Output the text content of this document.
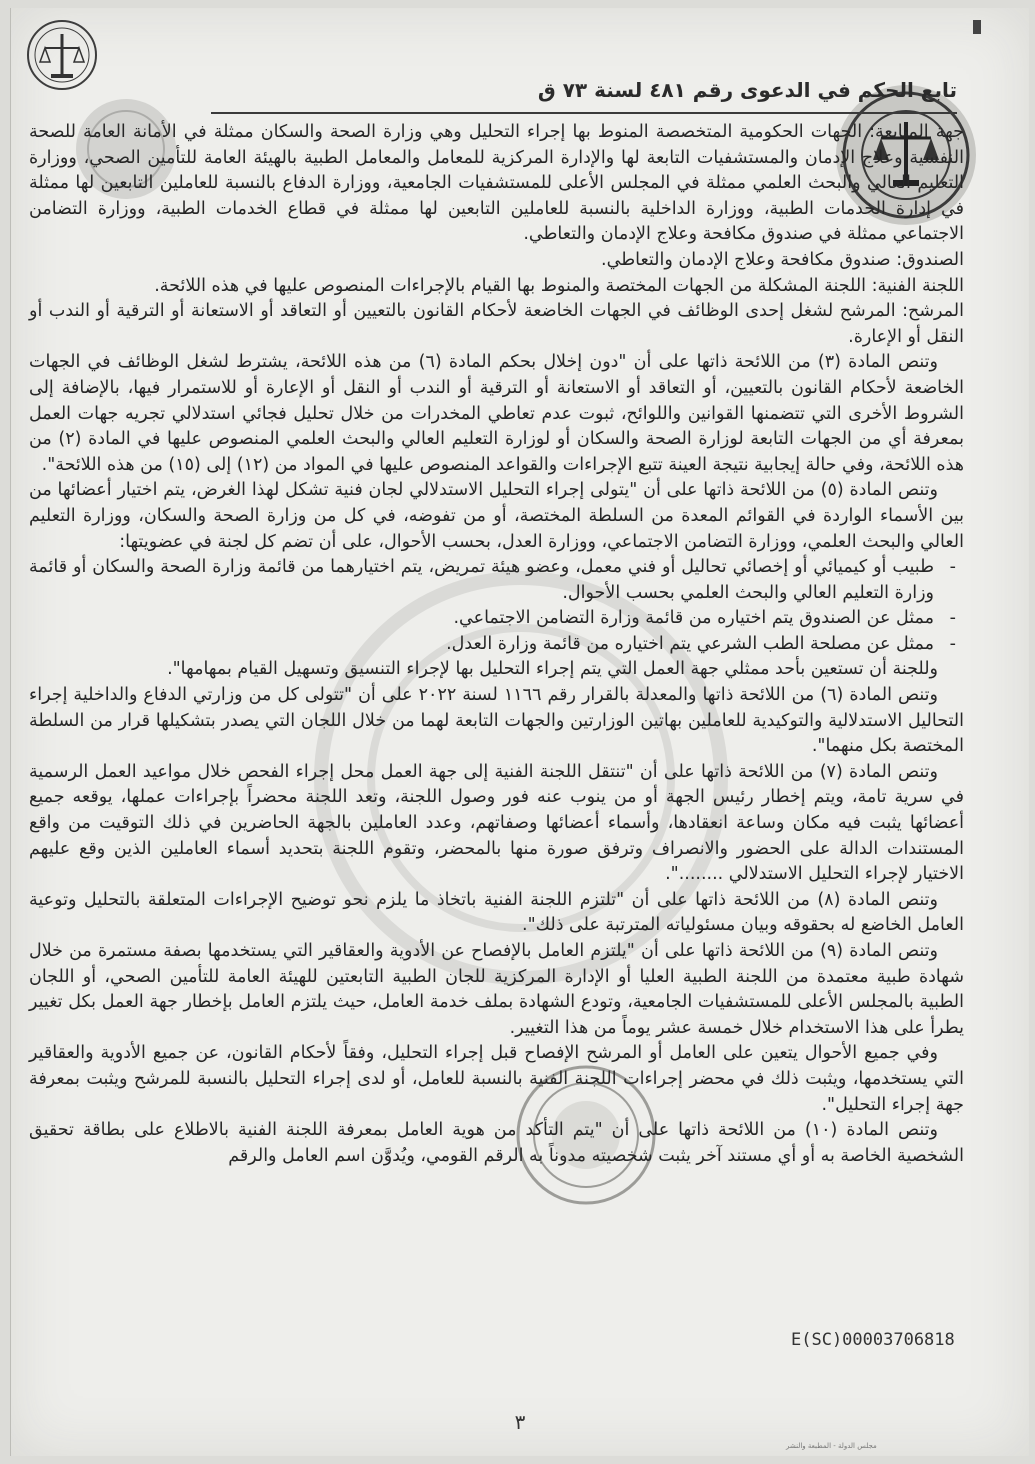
تابع الحكم في الدعوى رقم ٤٨١ لسنة ٧٣ ق

جهة المتابعة: الجهات الحكومية المتخصصة المنوط بها إجراء التحليل وهي وزارة الصحة والسكان ممثلة في الأمانة العامة للصحة النفسية وعلاج الإدمان والمستشفيات التابعة لها والإدارة المركزية للمعامل والمعامل الطبية بالهيئة العامة للتأمين الصحي، ووزارة التعليم العالي والبحث العلمي ممثلة في المجلس الأعلى للمستشفيات الجامعية، ووزارة الدفاع بالنسبة للعاملين التابعين لها ممثلة في إدارة الخدمات الطبية، ووزارة الداخلية بالنسبة للعاملين التابعين لها ممثلة في قطاع الخدمات الطبية، ووزارة التضامن الاجتماعي ممثلة في صندوق مكافحة وعلاج الإدمان والتعاطي.

الصندوق: صندوق مكافحة وعلاج الإدمان والتعاطي.

اللجنة الفنية: اللجنة المشكلة من الجهات المختصة والمنوط بها القيام بالإجراءات المنصوص عليها في هذه اللائحة.

المرشح: المرشح لشغل إحدى الوظائف في الجهات الخاضعة لأحكام القانون بالتعيين أو التعاقد أو الاستعانة أو الترقية أو الندب أو النقل أو الإعارة.

وتنص المادة (٣) من اللائحة ذاتها على أن "دون إخلال بحكم المادة (٦) من هذه اللائحة، يشترط لشغل الوظائف في الجهات الخاضعة لأحكام القانون بالتعيين، أو التعاقد أو الاستعانة أو الترقية أو الندب أو النقل أو الإعارة أو للاستمرار فيها، بالإضافة إلى الشروط الأخرى التي تتضمنها القوانين واللوائح، ثبوت عدم تعاطي المخدرات من خلال تحليل فجائي استدلالي تجريه جهات العمل بمعرفة أي من الجهات التابعة لوزارة الصحة والسكان أو لوزارة التعليم العالي والبحث العلمي المنصوص عليها في المادة (٢) من هذه اللائحة، وفي حالة إيجابية نتيجة العينة تتبع الإجراءات والقواعد المنصوص عليها في المواد من (١٢) إلى (١٥) من هذه اللائحة".

وتنص المادة (٥) من اللائحة ذاتها على أن "يتولى إجراء التحليل الاستدلالي لجان فنية تشكل لهذا الغرض، يتم اختيار أعضائها من بين الأسماء الواردة في القوائم المعدة من السلطة المختصة، أو من تفوضه، في كل من وزارة الصحة والسكان، ووزارة التعليم العالي والبحث العلمي، ووزارة التضامن الاجتماعي، ووزارة العدل، بحسب الأحوال، على أن تضم كل لجنة في عضويتها:

- طبيب أو كيميائي أو إخصائي تحاليل أو فني معمل، وعضو هيئة تمريض، يتم اختيارهما من قائمة وزارة الصحة والسكان أو قائمة وزارة التعليم العالي والبحث العلمي بحسب الأحوال.

- ممثل عن الصندوق يتم اختياره من قائمة وزارة التضامن الاجتماعي.

- ممثل عن مصلحة الطب الشرعي يتم اختياره من قائمة وزارة العدل.

وللجنة أن تستعين بأحد ممثلي جهة العمل التي يتم إجراء التحليل بها لإجراء التنسيق وتسهيل القيام بمهامها".

وتنص المادة (٦) من اللائحة ذاتها والمعدلة بالقرار رقم ١١٦٦ لسنة ٢٠٢٢ على أن "تتولى كل من وزارتي الدفاع والداخلية إجراء التحاليل الاستدلالية والتوكيدية للعاملين بهاتين الوزارتين والجهات التابعة لهما من خلال اللجان التي يصدر بتشكيلها قرار من السلطة المختصة بكل منهما".

وتنص المادة (٧) من اللائحة ذاتها على أن "تنتقل اللجنة الفنية إلى جهة العمل محل إجراء الفحص خلال مواعيد العمل الرسمية في سرية تامة، ويتم إخطار رئيس الجهة أو من ينوب عنه فور وصول اللجنة، وتعد اللجنة محضراً بإجراءات عملها، يوقعه جميع أعضائها يثبت فيه مكان وساعة انعقادها، وأسماء أعضائها وصفاتهم، وعدد العاملين بالجهة الحاضرين في ذلك التوقيت من واقع المستندات الدالة على الحضور والانصراف وترفق صورة منها بالمحضر، وتقوم اللجنة بتحديد أسماء العاملين الذين وقع عليهم الاختيار لإجراء التحليل الاستدلالي ........".

وتنص المادة (٨) من اللائحة ذاتها على أن "تلتزم اللجنة الفنية باتخاذ ما يلزم نحو توضيح الإجراءات المتعلقة بالتحليل وتوعية العامل الخاضع له بحقوقه وبيان مسئولياته المترتبة على ذلك".

وتنص المادة (٩) من اللائحة ذاتها على أن "يلتزم العامل بالإفصاح عن الأدوية والعقاقير التي يستخدمها بصفة مستمرة من خلال شهادة طبية معتمدة من اللجنة الطبية العليا أو الإدارة المركزية للجان الطبية التابعتين للهيئة العامة للتأمين الصحي، أو اللجان الطبية بالمجلس الأعلى للمستشفيات الجامعية، وتودع الشهادة بملف خدمة العامل، حيث يلتزم العامل بإخطار جهة العمل بكل تغيير يطرأ على هذا الاستخدام خلال خمسة عشر يوماً من هذا التغيير.

وفي جميع الأحوال يتعين على العامل أو المرشح الإفصاح قبل إجراء التحليل، وفقاً لأحكام القانون، عن جميع الأدوية والعقاقير التي يستخدمها، ويثبت ذلك في محضر إجراءات اللجنة الفنية بالنسبة للعامل، أو لدى إجراء التحليل بالنسبة للمرشح ويثبت بمعرفة جهة إجراء التحليل".

وتنص المادة (١٠) من اللائحة ذاتها على أن "يتم التأكد من هوية العامل بمعرفة اللجنة الفنية بالاطلاع على بطاقة تحقيق الشخصية الخاصة به أو أي مستند آخر يثبت شخصيته مدوناً به الرقم القومي، ويُدوَّن اسم العامل والرقم

E(SC)00003706818
٣
مجلس الدولة - المطبعة والنشر
